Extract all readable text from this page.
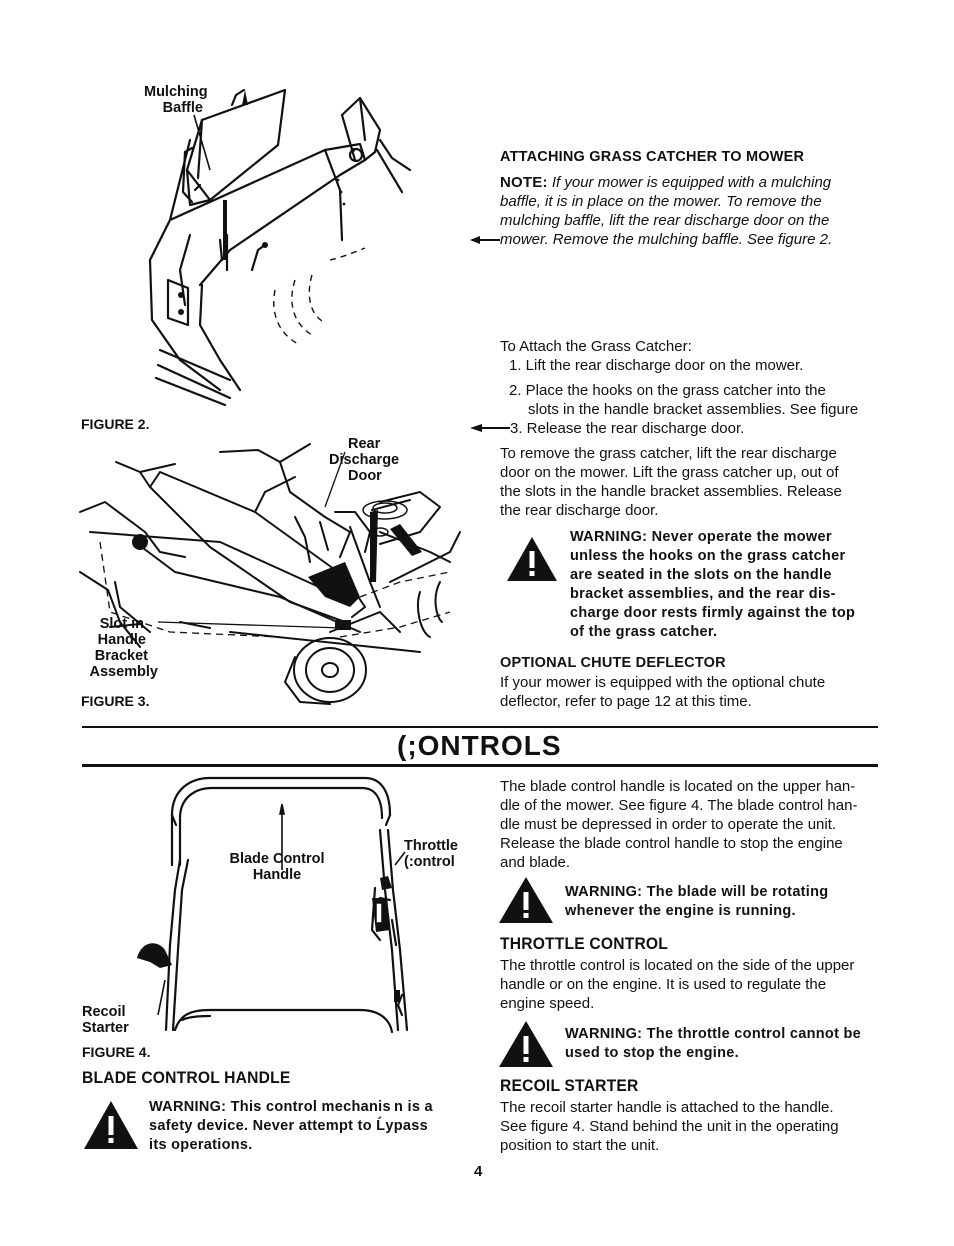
Mulching
Baffle
FIGURE 2.
Rear
Discharge
Door
Slot in
Handle
Bracket
Assembly
FIGURE 3.
ATTACHING GRASS CATCHER TO MOWER
NOTE: If your mower is equipped with a mulching
baffle, it is in place on the mower. To remove the
mulching baffle, lift the rear discharge door on the
mower. Remove the mulching baffle. See figure 2.
To Attach the Grass Catcher:
1. Lift the rear discharge door on the mower.
2. Place the hooks on the grass catcher into the
slots in the handle bracket assemblies. See figure
3. Release the rear discharge door.
To remove the grass catcher, lift the rear discharge
door on the mower. Lift the grass catcher up, out of
the slots in the handle bracket assemblies. Release
the rear discharge door.
WARNING: Never operate the mower
unless the hooks on the grass catcher
are seated in the slots on the handle
bracket assemblies, and the rear dis-
charge door rests firmly against the top
of the grass catcher.
OPTIONAL CHUTE DEFLECTOR
If your mower is equipped with the optional chute
deflector, refer to page 12 at this time.
(;ONTROLS
Blade Control
Handle
Throttle
(:ontrol
Recoil
Starter
FIGURE 4.
BLADE CONTROL HANDLE
WARNING: This control mechanis n is a
safety device. Never attempt to Ĺypass
its operations.
The blade control handle is located on the upper han-
dle of the mower. See figure 4. The blade control han-
dle must be depressed in order to operate the unit.
Release the blade control handle to stop the engine
and blade.
WARNING: The blade will be rotating
whenever the engine is running.
THROTTLE CONTROL
The throttle control is located on the side of the upper
handle or on the engine. It is used to regulate the
engine speed.
WARNING: The throttle control cannot be
used to stop the engine.
RECOIL STARTER
The recoil starter handle is attached to the handle.
See figure 4. Stand behind the unit in the operating
position to start the unit.
4
